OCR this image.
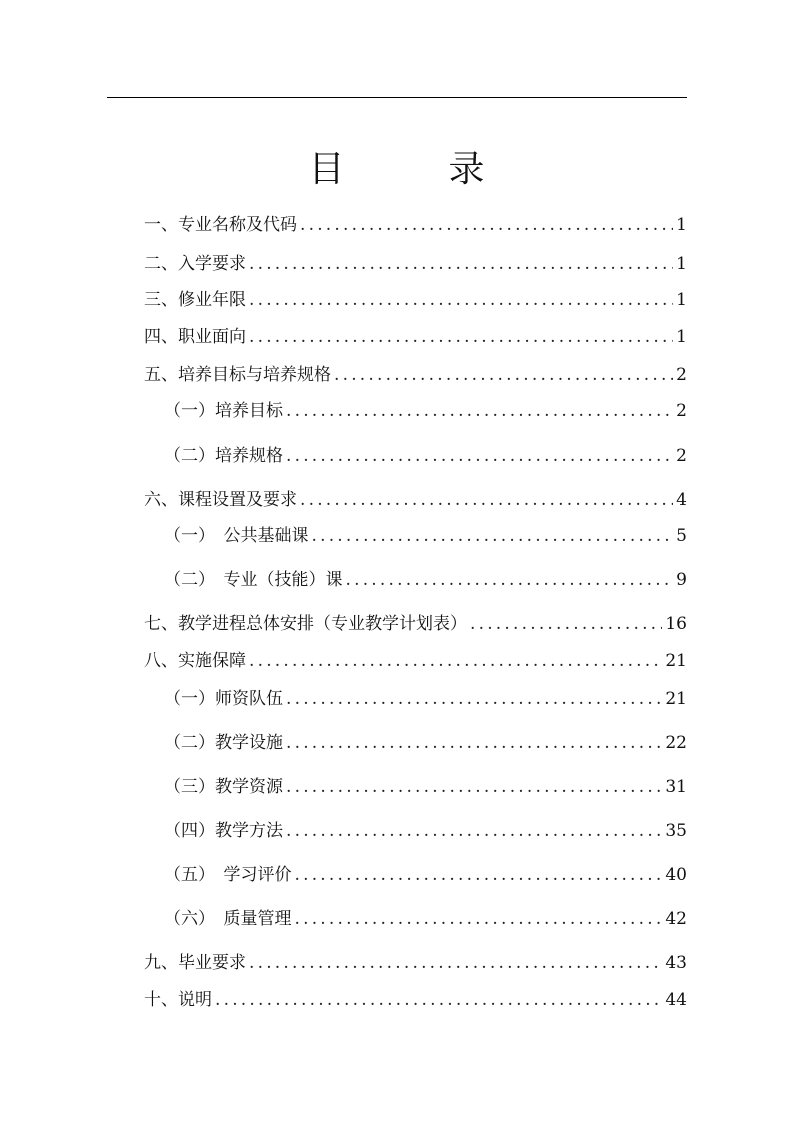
目　录
一、专业名称及代码 .....	1
二、入学要求 .....	1
三、修业年限 .....	1
四、职业面向 .....	1
五、培养目标与培养规格 .....	2
（一）培养目标 .....	2
（二）培养规格 .....	2
六、课程设置及要求 .....	4
（一）　公共基础课 .....	5
（二）　专业（技能）课 .....	9
七、教学进程总体安排（专业教学计划表） .....	16
八、实施保障 .....	21
（一）师资队伍 .....	21
（二）教学设施 .....	22
（三）教学资源 .....	31
（四）教学方法 .....	35
（五）　学习评价 .....	40
（六）　质量管理 .....	42
九、毕业要求 .....	43
十、说明 .....	44
